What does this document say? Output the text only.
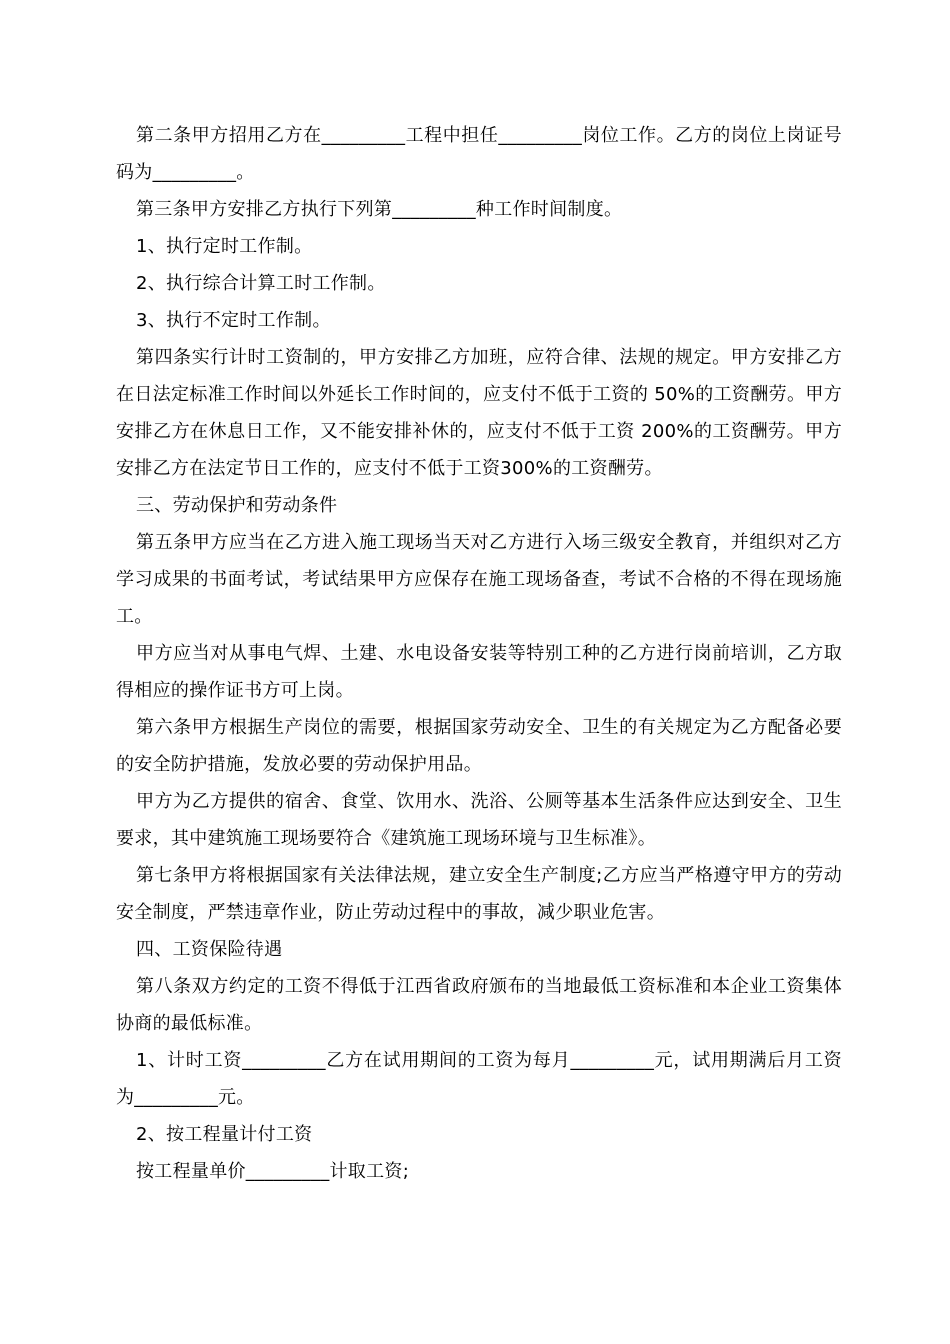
第二条甲方招用乙方在_________工程中担任_________岗位工作。乙方的岗位上岗证号码为_________。

第三条甲方安排乙方执行下列第_________种工作时间制度。

1、执行定时工作制。

2、执行综合计算工时工作制。

3、执行不定时工作制。

第四条实行计时工资制的，甲方安排乙方加班，应符合律、法规的规定。甲方安排乙方在日法定标准工作时间以外延长工作时间的，应支付不低于工资的 50%的工资酬劳。甲方安排乙方在休息日工作，又不能安排补休的，应支付不低于工资 200%的工资酬劳。甲方安排乙方在法定节日工作的，应支付不低于工资300%的工资酬劳。

三、劳动保护和劳动条件

第五条甲方应当在乙方进入施工现场当天对乙方进行入场三级安全教育，并组织对乙方学习成果的书面考试，考试结果甲方应保存在施工现场备查，考试不合格的不得在现场施工。

甲方应当对从事电气焊、土建、水电设备安装等特别工种的乙方进行岗前培训，乙方取得相应的操作证书方可上岗。

第六条甲方根据生产岗位的需要，根据国家劳动安全、卫生的有关规定为乙方配备必要的安全防护措施，发放必要的劳动保护用品。

甲方为乙方提供的宿舍、食堂、饮用水、洗浴、公厕等基本生活条件应达到安全、卫生要求，其中建筑施工现场要符合《建筑施工现场环境与卫生标准》。

第七条甲方将根据国家有关法律法规，建立安全生产制度;乙方应当严格遵守甲方的劳动安全制度，严禁违章作业，防止劳动过程中的事故，减少职业危害。

四、工资保险待遇

第八条双方约定的工资不得低于江西省政府颁布的当地最低工资标准和本企业工资集体协商的最低标准。

1、计时工资_________乙方在试用期间的工资为每月_________元，试用期满后月工资为_________元。

2、按工程量计付工资

按工程量单价_________计取工资;
